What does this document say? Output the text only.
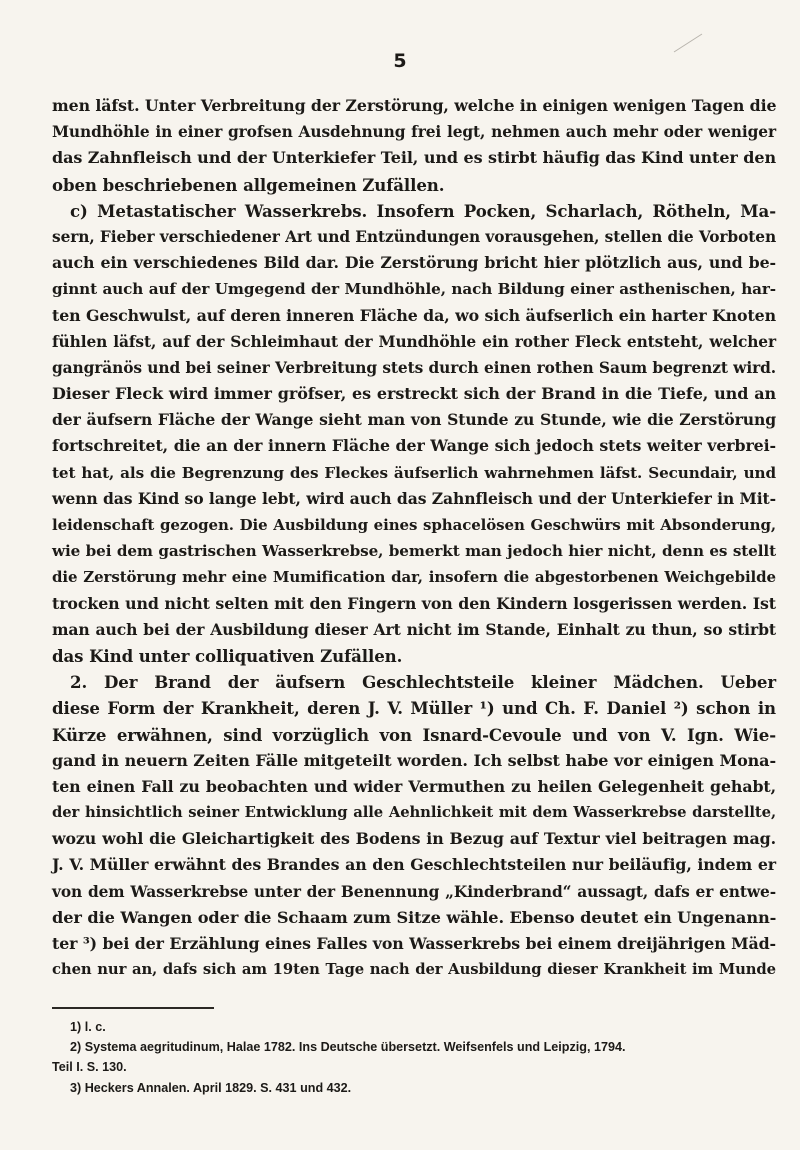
5
men läfst. Unter Verbreitung der Zerstörung, welche in einigen wenigen Tagen die
Mundhöhle in einer grofsen Ausdehnung frei legt, nehmen auch mehr oder weniger
das Zahnfleisch und der Unterkiefer Teil, und es stirbt häufig das Kind unter den
oben beschriebenen allgemeinen Zufällen.
c) Metastatischer Wasserkrebs. Insofern Pocken, Scharlach, Rötheln, Ma-
sern, Fieber verschiedener Art und Entzündungen vorausgehen, stellen die Vorboten
auch ein verschiedenes Bild dar. Die Zerstörung bricht hier plötzlich aus, und be-
ginnt auch auf der Umgegend der Mundhöhle, nach Bildung einer asthenischen, har-
ten Geschwulst, auf deren inneren Fläche da, wo sich äufserlich ein harter Knoten
fühlen läfst, auf der Schleimhaut der Mundhöhle ein rother Fleck entsteht, welcher
gangränös und bei seiner Verbreitung stets durch einen rothen Saum begrenzt wird.
Dieser Fleck wird immer gröfser, es erstreckt sich der Brand in die Tiefe, und an
der äufsern Fläche der Wange sieht man von Stunde zu Stunde, wie die Zerstörung
fortschreitet, die an der innern Fläche der Wange sich jedoch stets weiter verbrei-
tet hat, als die Begrenzung des Fleckes äufserlich wahrnehmen läfst. Secundair, und
wenn das Kind so lange lebt, wird auch das Zahnfleisch und der Unterkiefer in Mit-
leidenschaft gezogen. Die Ausbildung eines sphacelösen Geschwürs mit Absonderung,
wie bei dem gastrischen Wasserkrebse, bemerkt man jedoch hier nicht, denn es stellt
die Zerstörung mehr eine Mumification dar, insofern die abgestorbenen Weichgebilde
trocken und nicht selten mit den Fingern von den Kindern losgerissen werden. Ist
man auch bei der Ausbildung dieser Art nicht im Stande, Einhalt zu thun, so stirbt
das Kind unter colliquativen Zufällen.
2. Der Brand der äufsern Geschlechtsteile kleiner Mädchen. Ueber
diese Form der Krankheit, deren J. V. Müller ¹) und Ch. F. Daniel ²) schon in
Kürze erwähnen, sind vorzüglich von Isnard-Cevoule und von V. Ign. Wie-
gand in neuern Zeiten Fälle mitgeteilt worden. Ich selbst habe vor einigen Mona-
ten einen Fall zu beobachten und wider Vermuthen zu heilen Gelegenheit gehabt,
der hinsichtlich seiner Entwicklung alle Aehnlichkeit mit dem Wasserkrebse darstellte,
wozu wohl die Gleichartigkeit des Bodens in Bezug auf Textur viel beitragen mag.
J. V. Müller erwähnt des Brandes an den Geschlechtsteilen nur beiläufig, indem er
von dem Wasserkrebse unter der Benennung „Kinderbrand“ aussagt, dafs er entwe-
der die Wangen oder die Schaam zum Sitze wähle. Ebenso deutet ein Ungenann-
ter ³) bei der Erzählung eines Falles von Wasserkrebs bei einem dreijährigen Mäd-
chen nur an, dafs sich am 19ten Tage nach der Ausbildung dieser Krankheit im Munde
1) l. c.
2) Systema aegritudinum, Halae 1782. Ins Deutsche übersetzt. Weifsenfels und Leipzig, 1794.
Teil I. S. 130.
3) Heckers Annalen. April 1829. S. 431 und 432.
